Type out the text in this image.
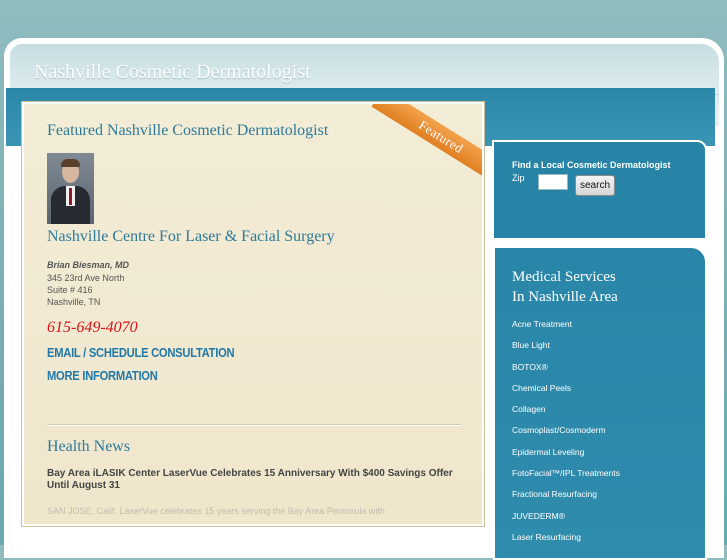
Nashville Cosmetic Dermatologist
Featured
Featured Nashville Cosmetic Dermatologist
Nashville Centre For Laser & Facial Surgery
Brian Biesman, MD
345 23rd Ave North
Suite # 416
Nashville, TN
615-649-4070
EMAIL / SCHEDULE CONSULTATION
MORE INFORMATION
Health News
Bay Area iLASIK Center LaserVue Celebrates 15 Anniversary With $400 Savings Offer Until August 31
SAN JOSE, Calif. LaserVue celebrates 15 years serving the Bay Area Peninsula with
Find a Local Cosmetic Dermatologist
Zip
search
Medical Services
In Nashville Area
Acne Treatment
Blue Light
BOTOX®
Chemical Peels
Collagen
Cosmoplast/Cosmoderm
Epidermal Leveling
FotoFacial™/IPL Treatments
Fractional Resurfacing
JUVEDERM®
Laser Resurfacing
